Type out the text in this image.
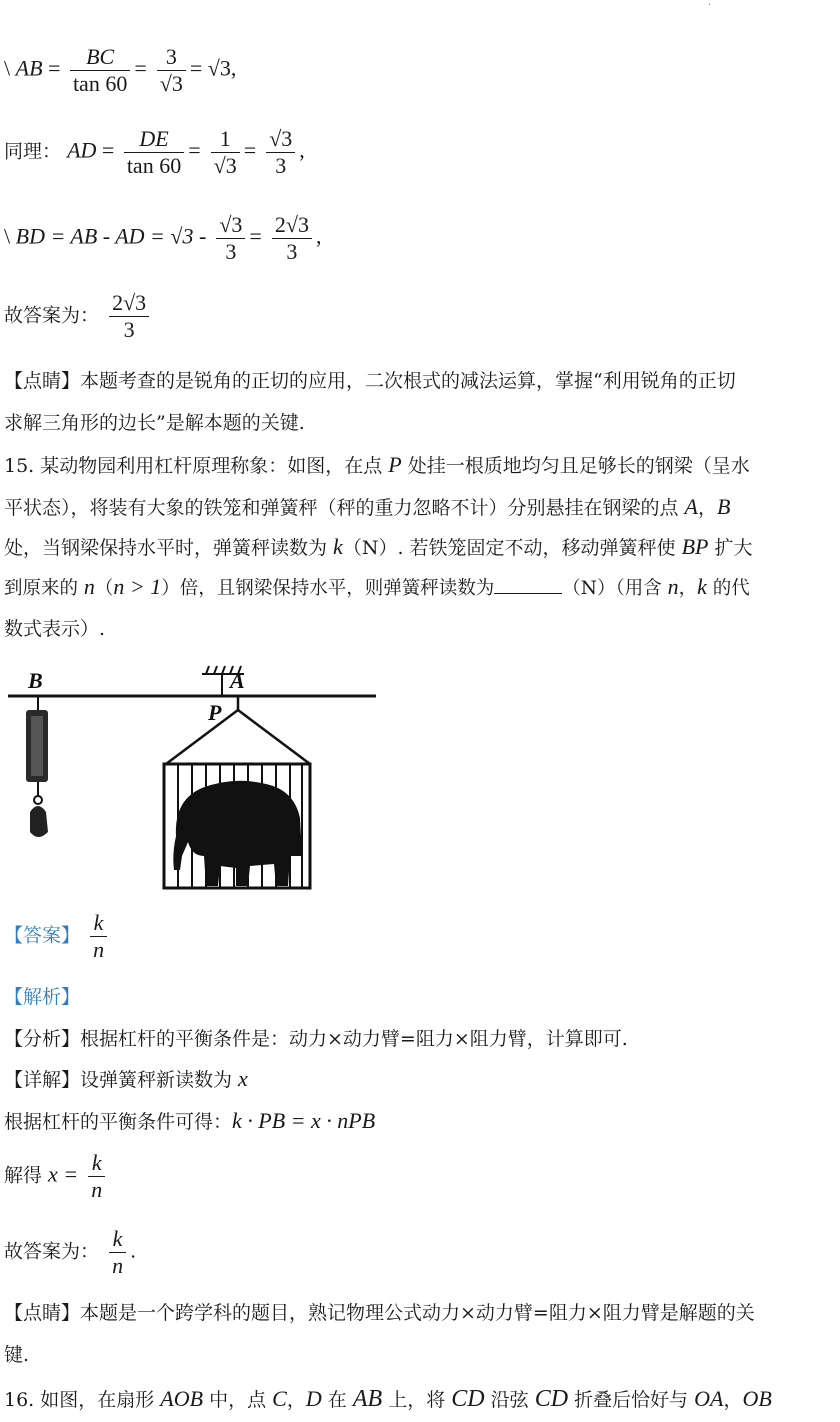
·
\ AB = $\frac{BC}{\tan 60} = \frac{3}{√3} = √3$,
同理： AD = $\frac{DE}{\tan 60} = \frac{1}{√3} = \frac{√3}{3}$ ,
\ BD = AB - AD = $√3 - \frac{√3}{3} = \frac{2√3}{3}$ ,
故答案为： $\frac{2√3}{3}$
【点睛】本题考查的是锐角的正切的应用，二次根式的减法运算，掌握“利用锐角的正切
求解三角形的边长”是解本题的关键.
15. 某动物园利用杠杆原理称象：如图，在点 P 处挂一根质地均匀且足够长的钢梁（呈水
平状态），将装有大象的铁笼和弹簧秤（秤的重力忽略不计）分别悬挂在钢梁的点 A，B
处，当钢梁保持水平时，弹簧秤读数为 k（N）. 若铁笼固定不动，移动弹簧秤使 BP 扩大
到原来的 n（n > 1）倍，且钢梁保持水平，则弹簧秤读数为	（N）（用含 n，k 的代
数式表示）.
B	A
P
【答案】 $\frac{k}{n}$
【解析】
【分析】根据杠杆的平衡条件是：动力×动力臂=阻力×阻力臂，计算即可.
【详解】设弹簧秤新读数为 x
根据杠杆的平衡条件可得：k · PB = x · nPB
解得 $x = \frac{k}{n}$
故答案为： $\frac{k}{n}$ .
【点睛】本题是一个跨学科的题目，熟记物理公式动力×动力臂=阻力×阻力臂是解题的关
键.
16. 如图，在扇形 AOB 中，点 C，D 在 AB 上，将 CD 沿弦 CD 折叠后恰好与 OA，OB
